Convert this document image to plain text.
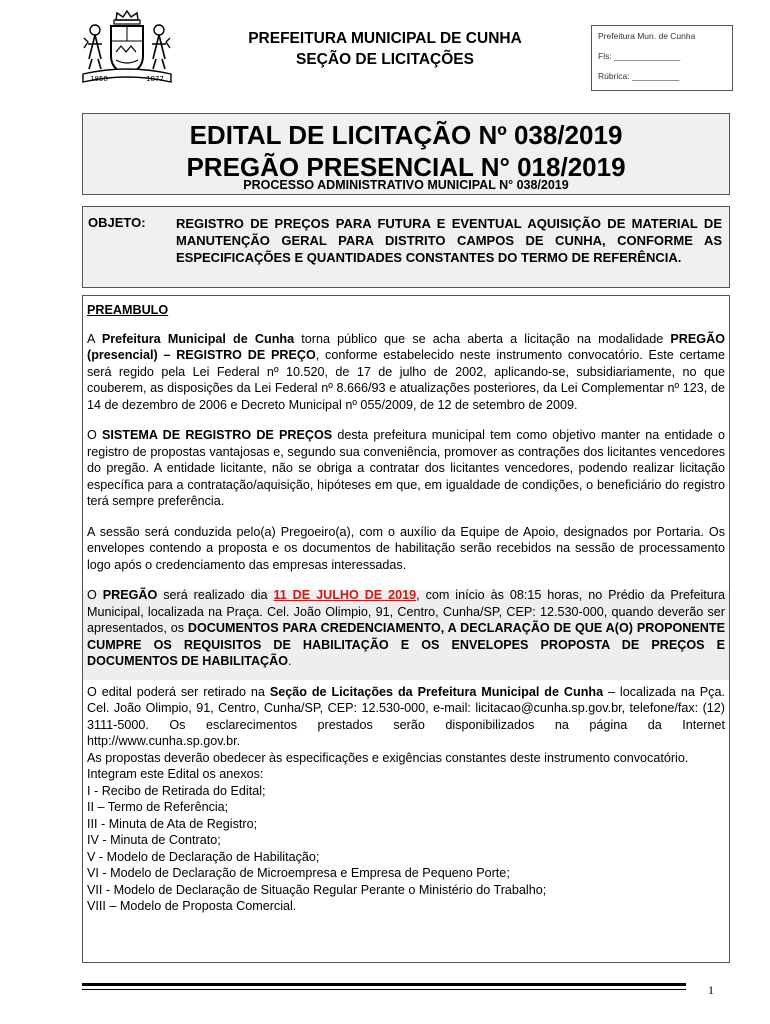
1858	1877
PREFEITURA MUNICIPAL DE CUNHA
SEÇÃO DE LICITAÇÕES
Prefeitura Mun. de Cunha
Fls: ______________
Rúbrica: __________
EDITAL DE LICITAÇÃO Nº 038/2019
PREGÃO PRESENCIAL N° 018/2019
PROCESSO ADMINISTRATIVO MUNICIPAL N° 038/2019
OBJETO: REGISTRO DE PREÇOS PARA FUTURA E EVENTUAL AQUISIÇÃO DE MATERIAL DE MANUTENÇÃO GERAL PARA DISTRITO CAMPOS DE CUNHA, CONFORME AS ESPECIFICAÇÕES E QUANTIDADES CONSTANTES DO TERMO DE REFERÊNCIA.

PREAMBULO

A Prefeitura Municipal de Cunha torna público que se acha aberta a licitação na modalidade PREGÃO (presencial) – REGISTRO DE PREÇO, conforme estabelecido neste instrumento convocatório. Este certame será regido pela Lei Federal nº 10.520, de 17 de julho de 2002, aplicando-se, subsidiariamente, no que couberem, as disposições da Lei Federal nº 8.666/93 e atualizações posteriores, da Lei Complementar nº 123, de 14 de dezembro de 2006 e Decreto Municipal nº 055/2009, de 12 de setembro de 2009.

O SISTEMA DE REGISTRO DE PREÇOS desta prefeitura municipal tem como objetivo manter na entidade o registro de propostas vantajosas e, segundo sua conveniência, promover as contrações dos licitantes vencedores do pregão. A entidade licitante, não se obriga a contratar dos licitantes vencedores, podendo realizar licitação específica para a contratação/aquisição, hipóteses em que, em igualdade de condições, o beneficiário do registro terá sempre preferência.

A sessão será conduzida pelo(a) Pregoeiro(a), com o auxílio da Equipe de Apoio, designados por Portaria. Os envelopes contendo a proposta e os documentos de habilitação serão recebidos na sessão de processamento logo após o credenciamento das empresas interessadas.

O PREGÃO será realizado dia 11 DE JULHO DE 2019, com início às 08:15 horas, no Prédio da Prefeitura Municipal, localizada na Praça. Cel. João Olimpio, 91, Centro, Cunha/SP, CEP: 12.530-000, quando deverão ser apresentados, os DOCUMENTOS PARA CREDENCIAMENTO, A DECLARAÇÃO DE QUE A(O) PROPONENTE CUMPRE OS REQUISITOS DE HABILITAÇÃO E OS ENVELOPES PROPOSTA DE PREÇOS E DOCUMENTOS DE HABILITAÇÃO.

O edital poderá ser retirado na Seção de Licitações da Prefeitura Municipal de Cunha – localizada na Pça. Cel. João Olimpio, 91, Centro, Cunha/SP, CEP: 12.530-000, e-mail: licitacao@cunha.sp.gov.br, telefone/fax: (12) 3111-5000. Os esclarecimentos prestados serão disponibilizados na página da Internet http://www.cunha.sp.gov.br.

As propostas deverão obedecer às especificações e exigências constantes deste instrumento convocatório.

Integram este Edital os anexos:
I - Recibo de Retirada do Edital;
II – Termo de Referência;
III - Minuta de Ata de Registro;
IV - Minuta de Contrato;
V - Modelo de Declaração de Habilitação;
VI - Modelo de Declaração de Microempresa e Empresa de Pequeno Porte;
VII - Modelo de Declaração de Situação Regular Perante o Ministério do Trabalho;
VIII – Modelo de Proposta Comercial.
1
